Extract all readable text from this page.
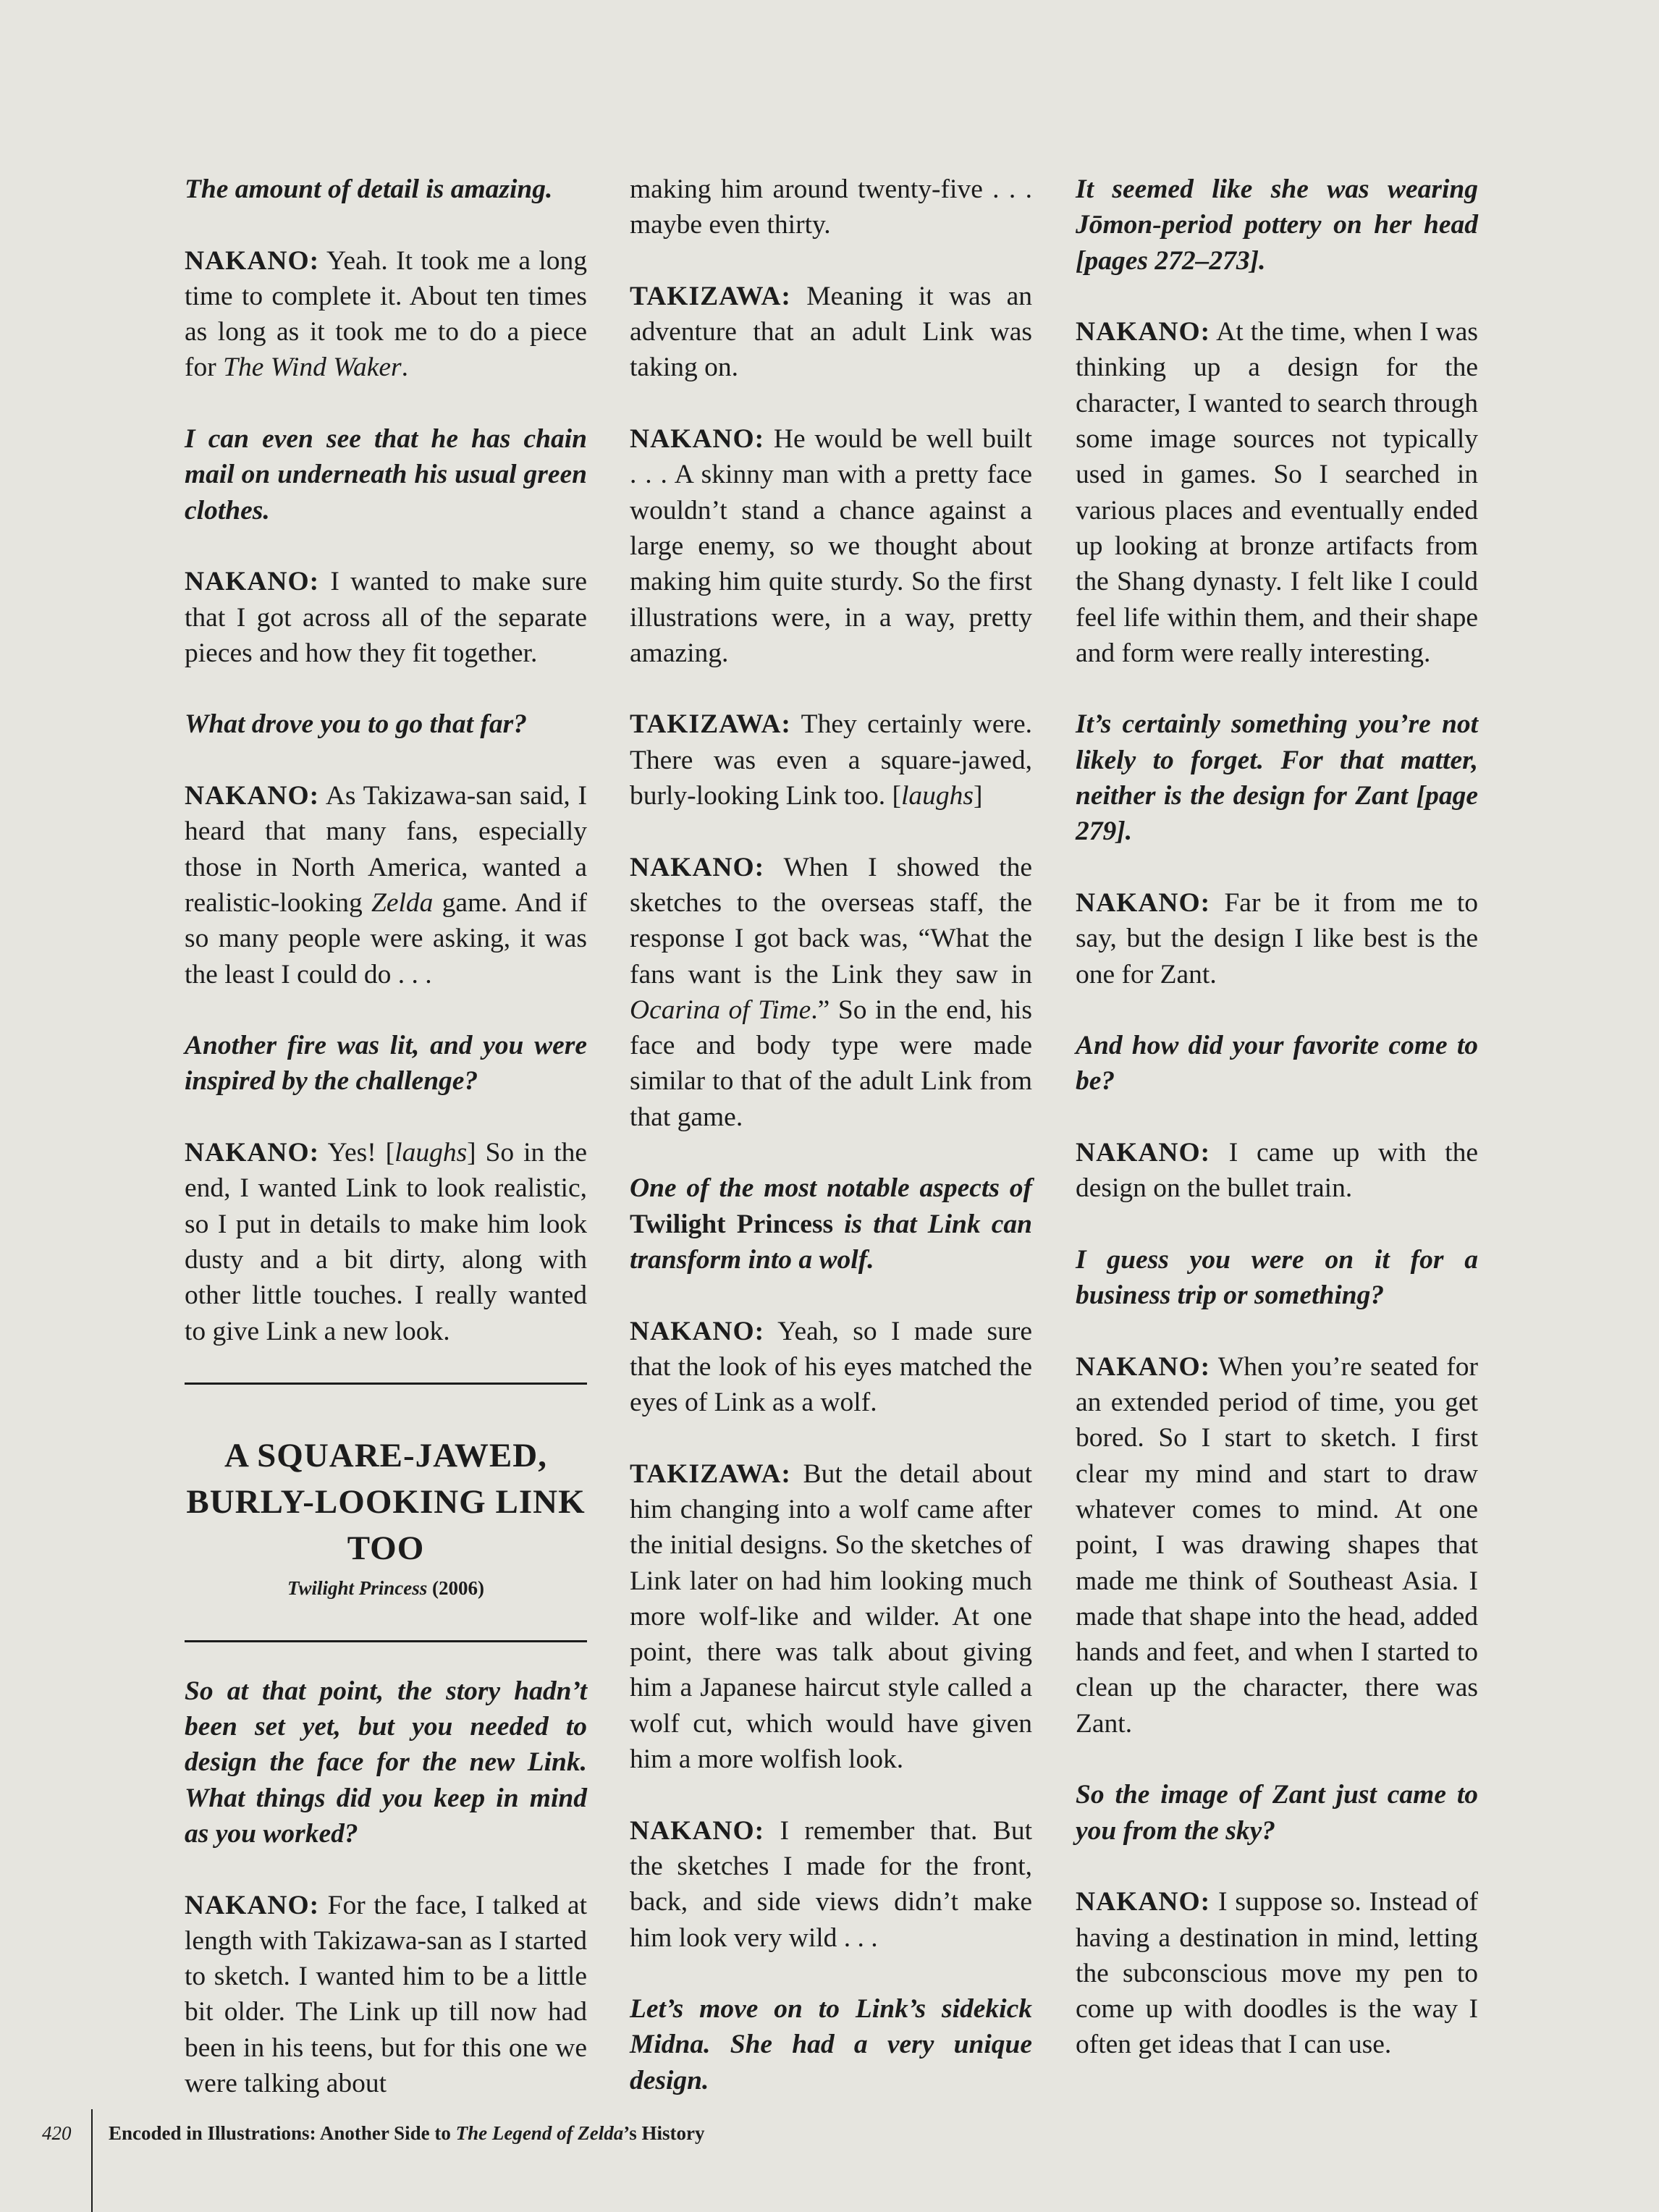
The amount of detail is amazing.

NAKANO: Yeah. It took me a long time to complete it. About ten times as long as it took me to do a piece for The Wind Waker.

I can even see that he has chain mail on underneath his usual green clothes.

NAKANO: I wanted to make sure that I got across all of the separate pieces and how they fit together.

What drove you to go that far?

NAKANO: As Takizawa-san said, I heard that many fans, especially those in North America, wanted a realistic-looking Zelda game. And if so many people were asking, it was the least I could do . . .

Another fire was lit, and you were inspired by the challenge?

NAKANO: Yes! [laughs] So in the end, I wanted Link to look realistic, so I put in details to make him look dusty and a bit dirty, along with other little touches. I really wanted to give Link a new look.

A SQUARE-JAWED, BURLY-LOOKING LINK TOO
Twilight Princess (2006)

So at that point, the story hadn’t been set yet, but you needed to design the face for the new Link. What things did you keep in mind as you worked?

NAKANO: For the face, I talked at length with Takizawa-san as I started to sketch. I wanted him to be a little bit older. The Link up till now had been in his teens, but for this one we were talking about

making him around twenty-five . . . maybe even thirty.

TAKIZAWA: Meaning it was an adventure that an adult Link was taking on.

NAKANO: He would be well built . . . A skinny man with a pretty face wouldn’t stand a chance against a large enemy, so we thought about making him quite sturdy. So the first illustrations were, in a way, pretty amazing.

TAKIZAWA: They certainly were. There was even a square-jawed, burly-looking Link too. [laughs]

NAKANO: When I showed the sketches to the overseas staff, the response I got back was, “What the fans want is the Link they saw in Ocarina of Time.” So in the end, his face and body type were made similar to that of the adult Link from that game.

One of the most notable aspects of Twilight Princess is that Link can transform into a wolf.

NAKANO: Yeah, so I made sure that the look of his eyes matched the eyes of Link as a wolf.

TAKIZAWA: But the detail about him changing into a wolf came after the initial designs. So the sketches of Link later on had him looking much more wolf-like and wilder. At one point, there was talk about giving him a Japanese haircut style called a wolf cut, which would have given him a more wolfish look.

NAKANO: I remember that. But the sketches I made for the front, back, and side views didn’t make him look very wild . . .

Let’s move on to Link’s sidekick Midna. She had a very unique design.

It seemed like she was wearing Jōmon-period pottery on her head [pages 272–273].

NAKANO: At the time, when I was thinking up a design for the character, I wanted to search through some image sources not typically used in games. So I searched in various places and eventually ended up looking at bronze artifacts from the Shang dynasty. I felt like I could feel life within them, and their shape and form were really interesting.

It’s certainly something you’re not likely to forget. For that matter, neither is the design for Zant [page 279].

NAKANO: Far be it from me to say, but the design I like best is the one for Zant.

And how did your favorite come to be?

NAKANO: I came up with the design on the bullet train.

I guess you were on it for a business trip or something?

NAKANO: When you’re seated for an extended period of time, you get bored. So I start to sketch. I first clear my mind and start to draw whatever comes to mind. At one point, I was drawing shapes that made me think of Southeast Asia. I made that shape into the head, added hands and feet, and when I started to clean up the character, there was Zant.

So the image of Zant just came to you from the sky?

NAKANO: I suppose so. Instead of having a destination in mind, letting the subconscious move my pen to come up with doodles is the way I often get ideas that I can use.

420 Encoded in Illustrations: Another Side to The Legend of Zelda’s History
